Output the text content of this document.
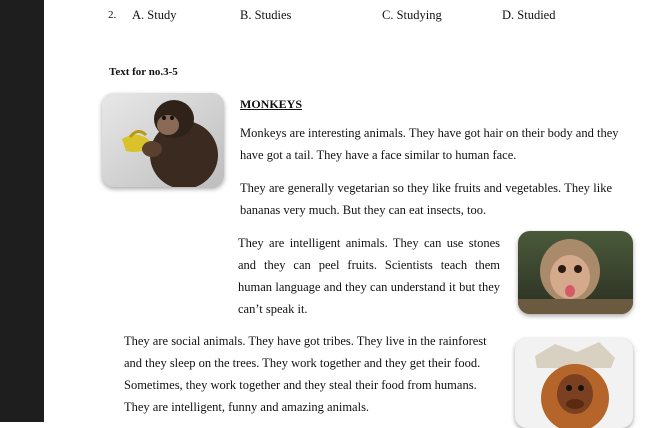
2. A. Study	B. Studies	C. Studying	D. Studied
Text for no.3-5
MONKEYS

Monkeys are interesting animals. They have got hair on their body and they have got a tail. They have a face similar to human face.

They are generally vegetarian so they like fruits and vegetables. They like bananas very much. But they can eat insects, too.

They are intelligent animals. They can use stones and they can peel fruits. Scientists teach them human language and they can understand it but they can’t speak it.

They are social animals. They have got tribes. They live in the rainforest and they sleep on the trees. They work together and they get their food. Sometimes, they work together and they steal their food from humans. They are intelligent, funny and amazing animals.
